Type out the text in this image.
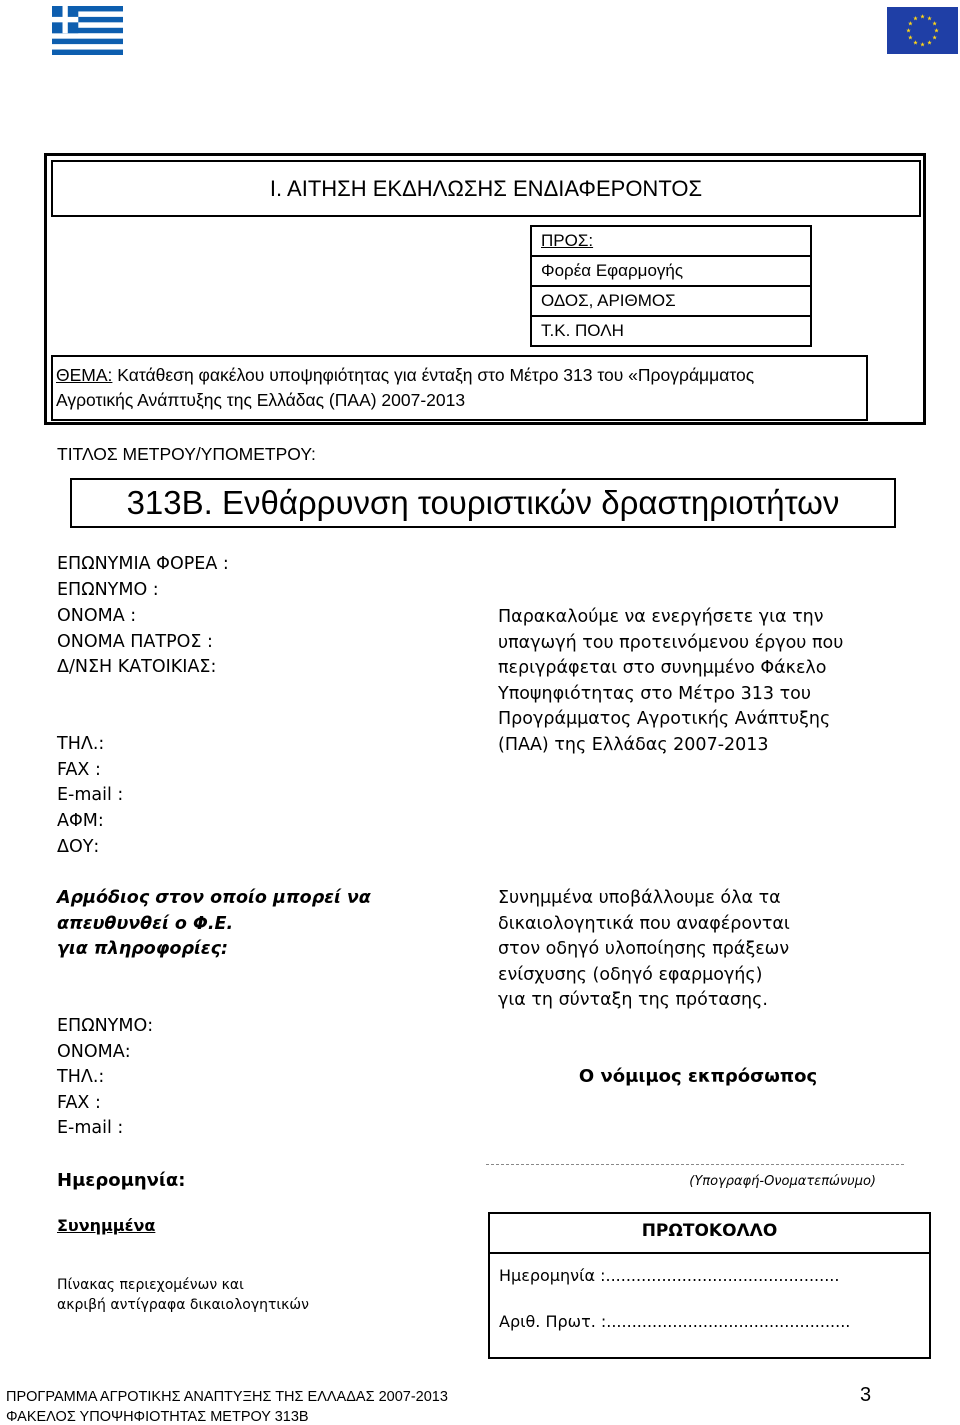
Ι. ΑΙΤΗΣΗ ΕΚΔΗΛΩΣΗΣ ΕΝΔΙΑΦΕΡΟΝΤΟΣ
ΠΡΟΣ:
Φορέα Εφαρμογής
ΟΔΟΣ, ΑΡΙΘΜΟΣ
Τ.Κ. ΠΟΛΗ
ΘΕΜΑ: Κατάθεση φακέλου υποψηφιότητας για ένταξη στο Μέτρο 313 του «Προγράμματος
Αγροτικής Ανάπτυξης της Ελλάδας (ΠΑΑ) 2007-2013
ΤΙΤΛΟΣ ΜΕΤΡΟΥ/ΥΠΟΜΕΤΡΟΥ:
313Β. Ενθάρρυνση τουριστικών δραστηριοτήτων
ΕΠΩΝΥΜΙΑ ΦΟΡΕΑ :
ΕΠΩΝΥΜΟ :
ΟΝΟΜΑ :
ΟΝΟΜΑ ΠΑΤΡΟΣ :
Δ/ΝΣΗ ΚΑΤΟΙΚΙΑΣ:
ΤΗΛ.:
FAX :
E-mail :
ΑΦΜ:
ΔΟΥ:
Παρακαλούμε να ενεργήσετε για την
υπαγωγή του προτεινόμενου έργου που
περιγράφεται στο συνημμένο Φάκελο
Υποψηφιότητας στο Μέτρο 313 του
Προγράμματος Αγροτικής Ανάπτυξης
(ΠΑΑ) της Ελλάδας 2007-2013
Αρμόδιος στον οποίο μπορεί να
απευθυνθεί ο Φ.Ε.
για πληροφορίες:
ΕΠΩΝΥΜΟ:
ΟΝΟΜΑ:
ΤΗΛ.:
FAX :
E-mail :
Συνημμένα υποβάλλουμε όλα τα
δικαιολογητικά που αναφέρονται
στον οδηγό υλοποίησης πράξεων
ενίσχυσης (οδηγό εφαρμογής)
για τη σύνταξη της πρότασης.
Ο νόμιμος εκπρόσωπος
(Υπογραφή-Ονοματεπώνυμο)
Ημερομηνία:
Συνημμένα
Πίνακας περιεχομένων και
ακριβή αντίγραφα δικαιολογητικών
ΠΡΩΤΟΚΟΛΛΟ
Ημερομηνία :..............................................
Αριθ. Πρωτ. :................................................
ΠΡΟΓΡΑΜΜΑ ΑΓΡΟΤΙΚΗΣ ΑΝΑΠΤΥΞΗΣ ΤΗΣ ΕΛΛΑΔΑΣ 2007-2013	3
ΦΑΚΕΛΟΣ ΥΠΟΨΗΦΙΟΤΗΤΑΣ ΜΕΤΡΟΥ 313Β
